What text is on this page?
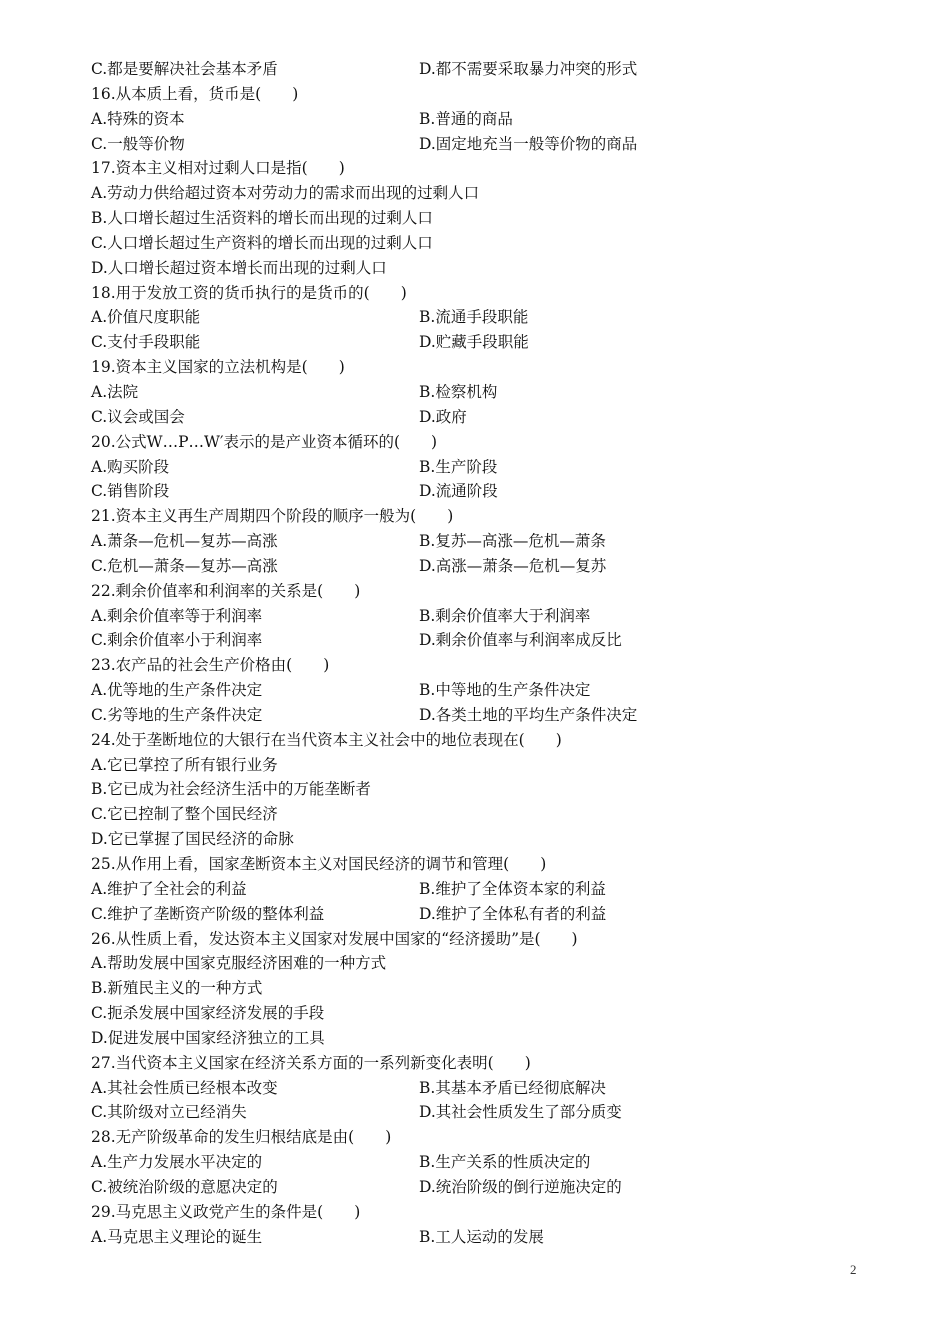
C.都是要解决社会基本矛盾	D.都不需要采取暴力冲突的形式
16.从本质上看，货币是(　　)
A.特殊的资本	B.普通的商品
C.一般等价物	D.固定地充当一般等价物的商品
17.资本主义相对过剩人口是指(　　)
A.劳动力供给超过资本对劳动力的需求而出现的过剩人口
B.人口增长超过生活资料的增长而出现的过剩人口
C.人口增长超过生产资料的增长而出现的过剩人口
D.人口增长超过资本增长而出现的过剩人口
18.用于发放工资的货币执行的是货币的(　　)
A.价值尺度职能	B.流通手段职能
C.支付手段职能	D.贮藏手段职能
19.资本主义国家的立法机构是(　　)
A.法院	B.检察机构
C.议会或国会	D.政府
20.公式W…P…W′表示的是产业资本循环的(　　)
A.购买阶段	B.生产阶段
C.销售阶段	D.流通阶段
21.资本主义再生产周期四个阶段的顺序一般为(　　)
A.萧条—危机—复苏—高涨	B.复苏—高涨—危机—萧条
C.危机—萧条—复苏—高涨	D.高涨—萧条—危机—复苏
22.剩余价值率和利润率的关系是(　　)
A.剩余价值率等于利润率	B.剩余价值率大于利润率
C.剩余价值率小于利润率	D.剩余价值率与利润率成反比
23.农产品的社会生产价格由(　　)
A.优等地的生产条件决定	B.中等地的生产条件决定
C.劣等地的生产条件决定	D.各类土地的平均生产条件决定
24.处于垄断地位的大银行在当代资本主义社会中的地位表现在(　　)
A.它已掌控了所有银行业务
B.它已成为社会经济生活中的万能垄断者
C.它已控制了整个国民经济
D.它已掌握了国民经济的命脉
25.从作用上看，国家垄断资本主义对国民经济的调节和管理(　　)
A.维护了全社会的利益	B.维护了全体资本家的利益
C.维护了垄断资产阶级的整体利益	D.维护了全体私有者的利益
26.从性质上看，发达资本主义国家对发展中国家的“经济援助”是(　　)
A.帮助发展中国家克服经济困难的一种方式
B.新殖民主义的一种方式
C.扼杀发展中国家经济发展的手段
D.促进发展中国家经济独立的工具
27.当代资本主义国家在经济关系方面的一系列新变化表明(　　)
A.其社会性质已经根本改变	B.其基本矛盾已经彻底解决
C.其阶级对立已经消失	D.其社会性质发生了部分质变
28.无产阶级革命的发生归根结底是由(　　)
A.生产力发展水平决定的	B.生产关系的性质决定的
C.被统治阶级的意愿决定的	D.统治阶级的倒行逆施决定的
29.马克思主义政党产生的条件是(　　)
A.马克思主义理论的诞生	B.工人运动的发展
2
